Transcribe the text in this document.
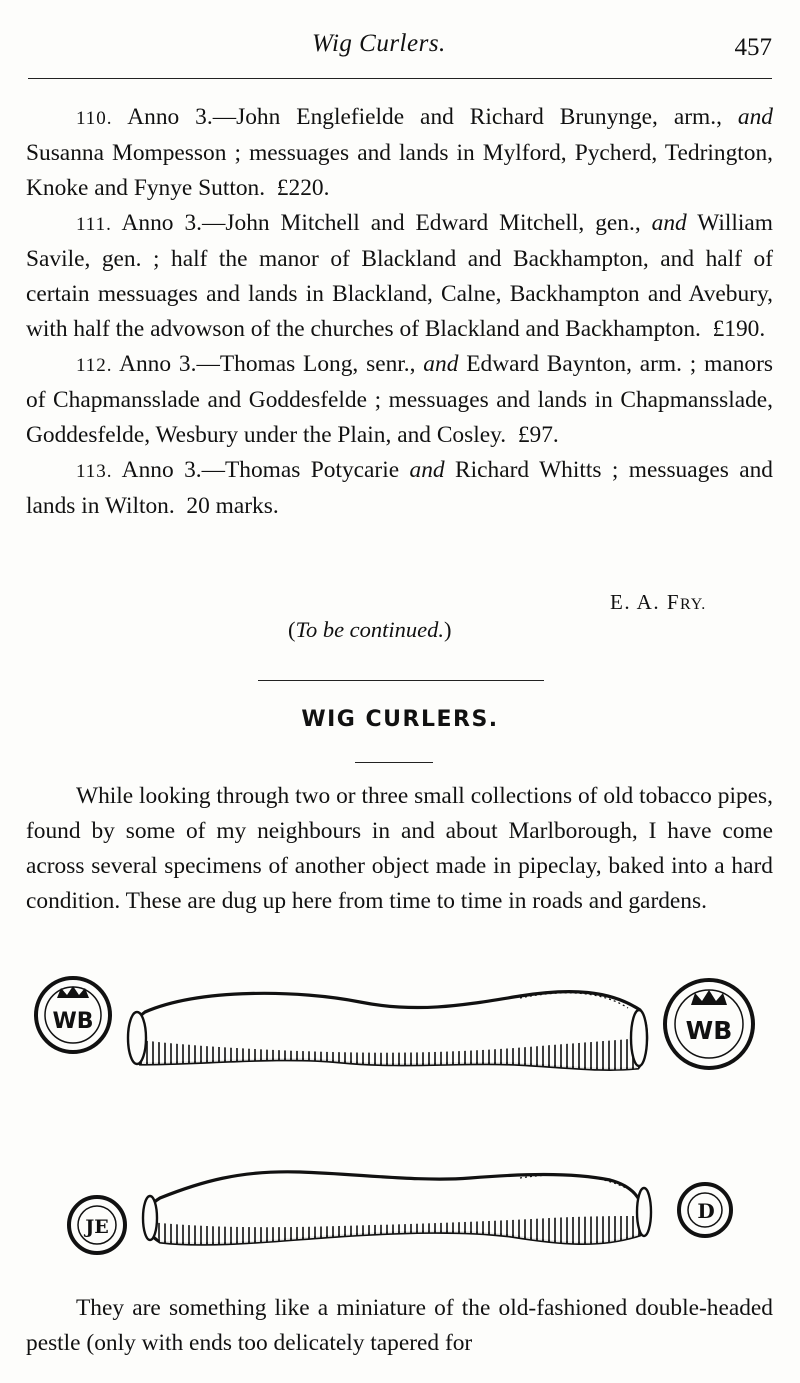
Wig Curlers.	457

110. Anno 3.—John Englefielde and Richard Brunynge, arm., and Susanna Mompesson ; messuages and lands in Mylford, Pycherd, Tedrington, Knoke and Fynye Sutton. £220.

111. Anno 3.—John Mitchell and Edward Mitchell, gen., and William Savile, gen. ; half the manor of Blackland and Backhampton, and half of certain messuages and lands in Blackland, Calne, Backhampton and Avebury, with half the advowson of the churches of Blackland and Backhampton. £190.

112. Anno 3.—Thomas Long, senr., and Edward Baynton, arm. ; manors of Chapmansslade and Goddesfelde ; messuages and lands in Chapmansslade, Goddesfelde, Wesbury under the Plain, and Cosley. £97.

113. Anno 3.—Thomas Potycarie and Richard Whitts ; messuages and lands in Wilton. 20 marks.

E. A. FRY.
(To be continued.)
WIG CURLERS.

While looking through two or three small collections of old tobacco pipes, found by some of my neighbours in and about Marlborough, I have come across several specimens of another object made in pipeclay, baked into a hard condition. These are dug up here from time to time in roads and gardens.

WB	WB
JE
D

They are something like a miniature of the old-fashioned double-headed pestle (only with ends too delicately tapered for
